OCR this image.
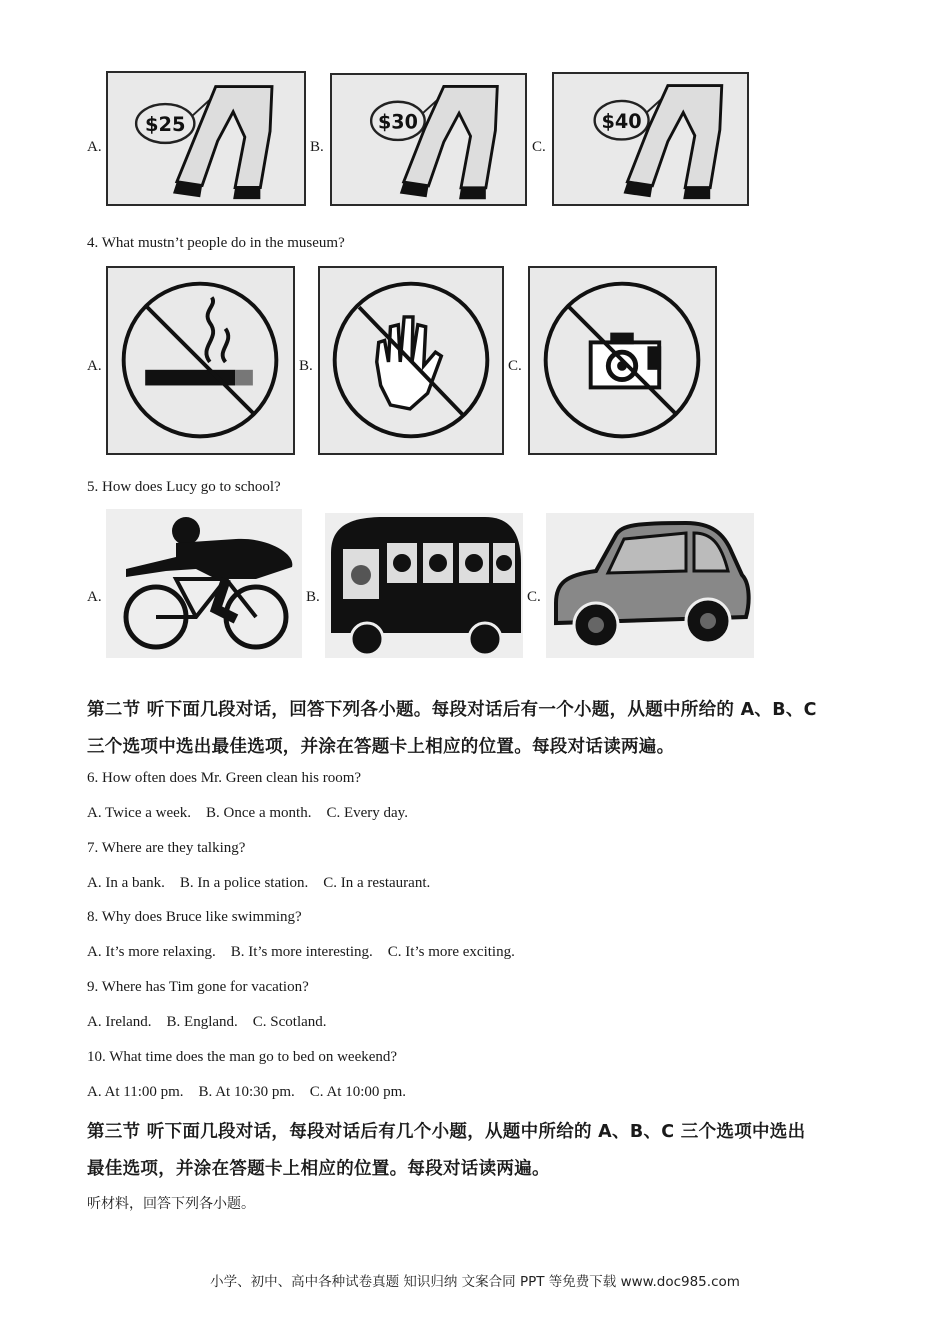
A.
$25
B.
$30
C.
$40
4. What mustn’t people do in the museum?
A.	B.	C.
5. How does Lucy go to school?
A.	B.	C.
第二节 听下面几段对话，回答下列各小题。每段对话后有一个小题，从题中所给的 A、B、C
三个选项中选出最佳选项，并涂在答题卡上相应的位置。每段对话读两遍。
6. How often does Mr. Green clean his room?
A. Twice a week.    B. Once a month.    C. Every day.
7. Where are they talking?
A. In a bank.    B. In a police station.    C. In a restaurant.
8. Why does Bruce like swimming?
A. It’s more relaxing.    B. It’s more interesting.    C. It’s more exciting.
9. Where has Tim gone for vacation?
A. Ireland.    B. England.    C. Scotland.
10. What time does the man go to bed on weekend?
A. At 11:00 pm.    B. At 10:30 pm.    C. At 10:00 pm.
第三节 听下面几段对话，每段对话后有几个小题，从题中所给的 A、B、C 三个选项中选出
最佳选项，并涂在答题卡上相应的位置。每段对话读两遍。
听材料，回答下列各小题。
小学、初中、高中各种试卷真题 知识归纳 文案合同 PPT 等免费下载 www.doc985.com
